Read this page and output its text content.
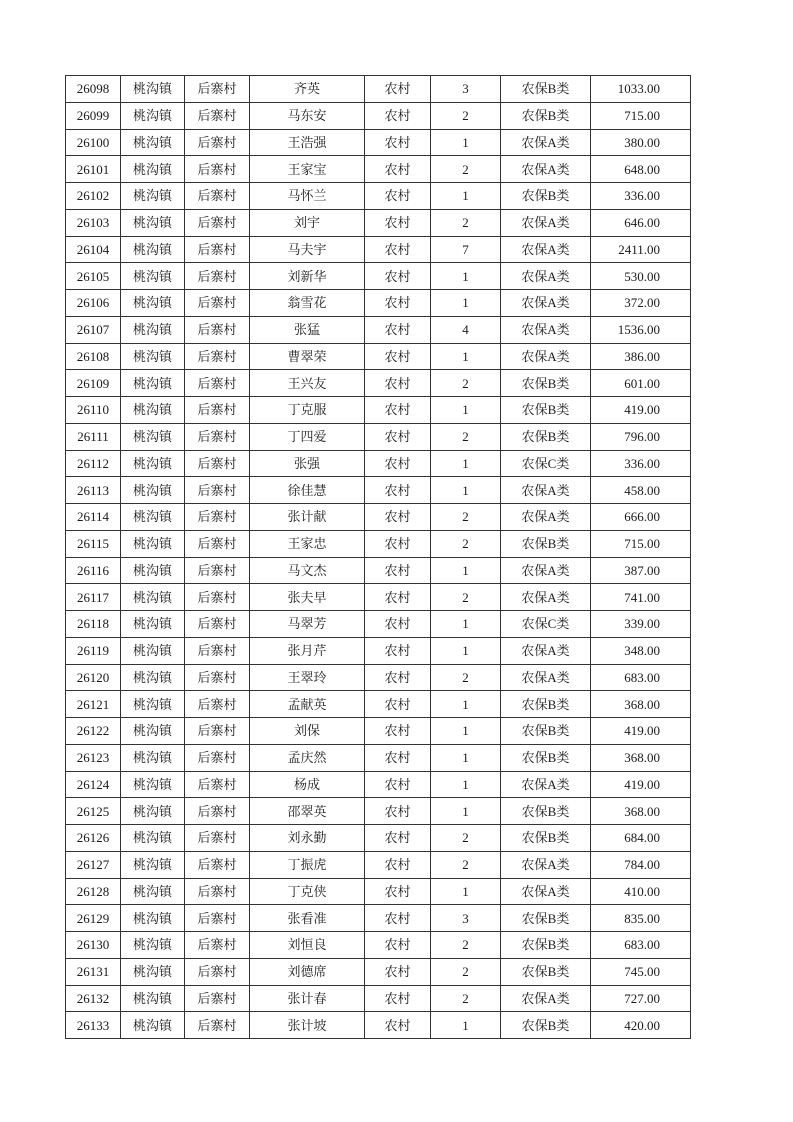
26098	桃沟镇	后寨村	齐英	农村	3	农保B类	1033.00
26099	桃沟镇	后寨村	马东安	农村	2	农保B类	715.00
26100	桃沟镇	后寨村	王浩强	农村	1	农保A类	380.00
26101	桃沟镇	后寨村	王家宝	农村	2	农保A类	648.00
26102	桃沟镇	后寨村	马怀兰	农村	1	农保B类	336.00
26103	桃沟镇	后寨村	刘宇	农村	2	农保A类	646.00
26104	桃沟镇	后寨村	马夫宇	农村	7	农保A类	2411.00
26105	桃沟镇	后寨村	刘新华	农村	1	农保A类	530.00
26106	桃沟镇	后寨村	翁雪花	农村	1	农保A类	372.00
26107	桃沟镇	后寨村	张猛	农村	4	农保A类	1536.00
26108	桃沟镇	后寨村	曹翠荣	农村	1	农保A类	386.00
26109	桃沟镇	后寨村	王兴友	农村	2	农保B类	601.00
26110	桃沟镇	后寨村	丁克服	农村	1	农保B类	419.00
26111	桃沟镇	后寨村	丁四爱	农村	2	农保B类	796.00
26112	桃沟镇	后寨村	张强	农村	1	农保C类	336.00
26113	桃沟镇	后寨村	徐佳慧	农村	1	农保A类	458.00
26114	桃沟镇	后寨村	张计献	农村	2	农保A类	666.00
26115	桃沟镇	后寨村	王家忠	农村	2	农保B类	715.00
26116	桃沟镇	后寨村	马文杰	农村	1	农保A类	387.00
26117	桃沟镇	后寨村	张夫早	农村	2	农保A类	741.00
26118	桃沟镇	后寨村	马翠芳	农村	1	农保C类	339.00
26119	桃沟镇	后寨村	张月芹	农村	1	农保A类	348.00
26120	桃沟镇	后寨村	王翠玲	农村	2	农保A类	683.00
26121	桃沟镇	后寨村	孟献英	农村	1	农保B类	368.00
26122	桃沟镇	后寨村	刘保	农村	1	农保B类	419.00
26123	桃沟镇	后寨村	孟庆然	农村	1	农保B类	368.00
26124	桃沟镇	后寨村	杨成	农村	1	农保A类	419.00
26125	桃沟镇	后寨村	邵翠英	农村	1	农保B类	368.00
26126	桃沟镇	后寨村	刘永勤	农村	2	农保B类	684.00
26127	桃沟镇	后寨村	丁振虎	农村	2	农保A类	784.00
26128	桃沟镇	后寨村	丁克侠	农村	1	农保A类	410.00
26129	桃沟镇	后寨村	张看准	农村	3	农保B类	835.00
26130	桃沟镇	后寨村	刘恒良	农村	2	农保B类	683.00
26131	桃沟镇	后寨村	刘德席	农村	2	农保B类	745.00
26132	桃沟镇	后寨村	张计春	农村	2	农保A类	727.00
26133	桃沟镇	后寨村	张计坡	农村	1	农保B类	420.00
